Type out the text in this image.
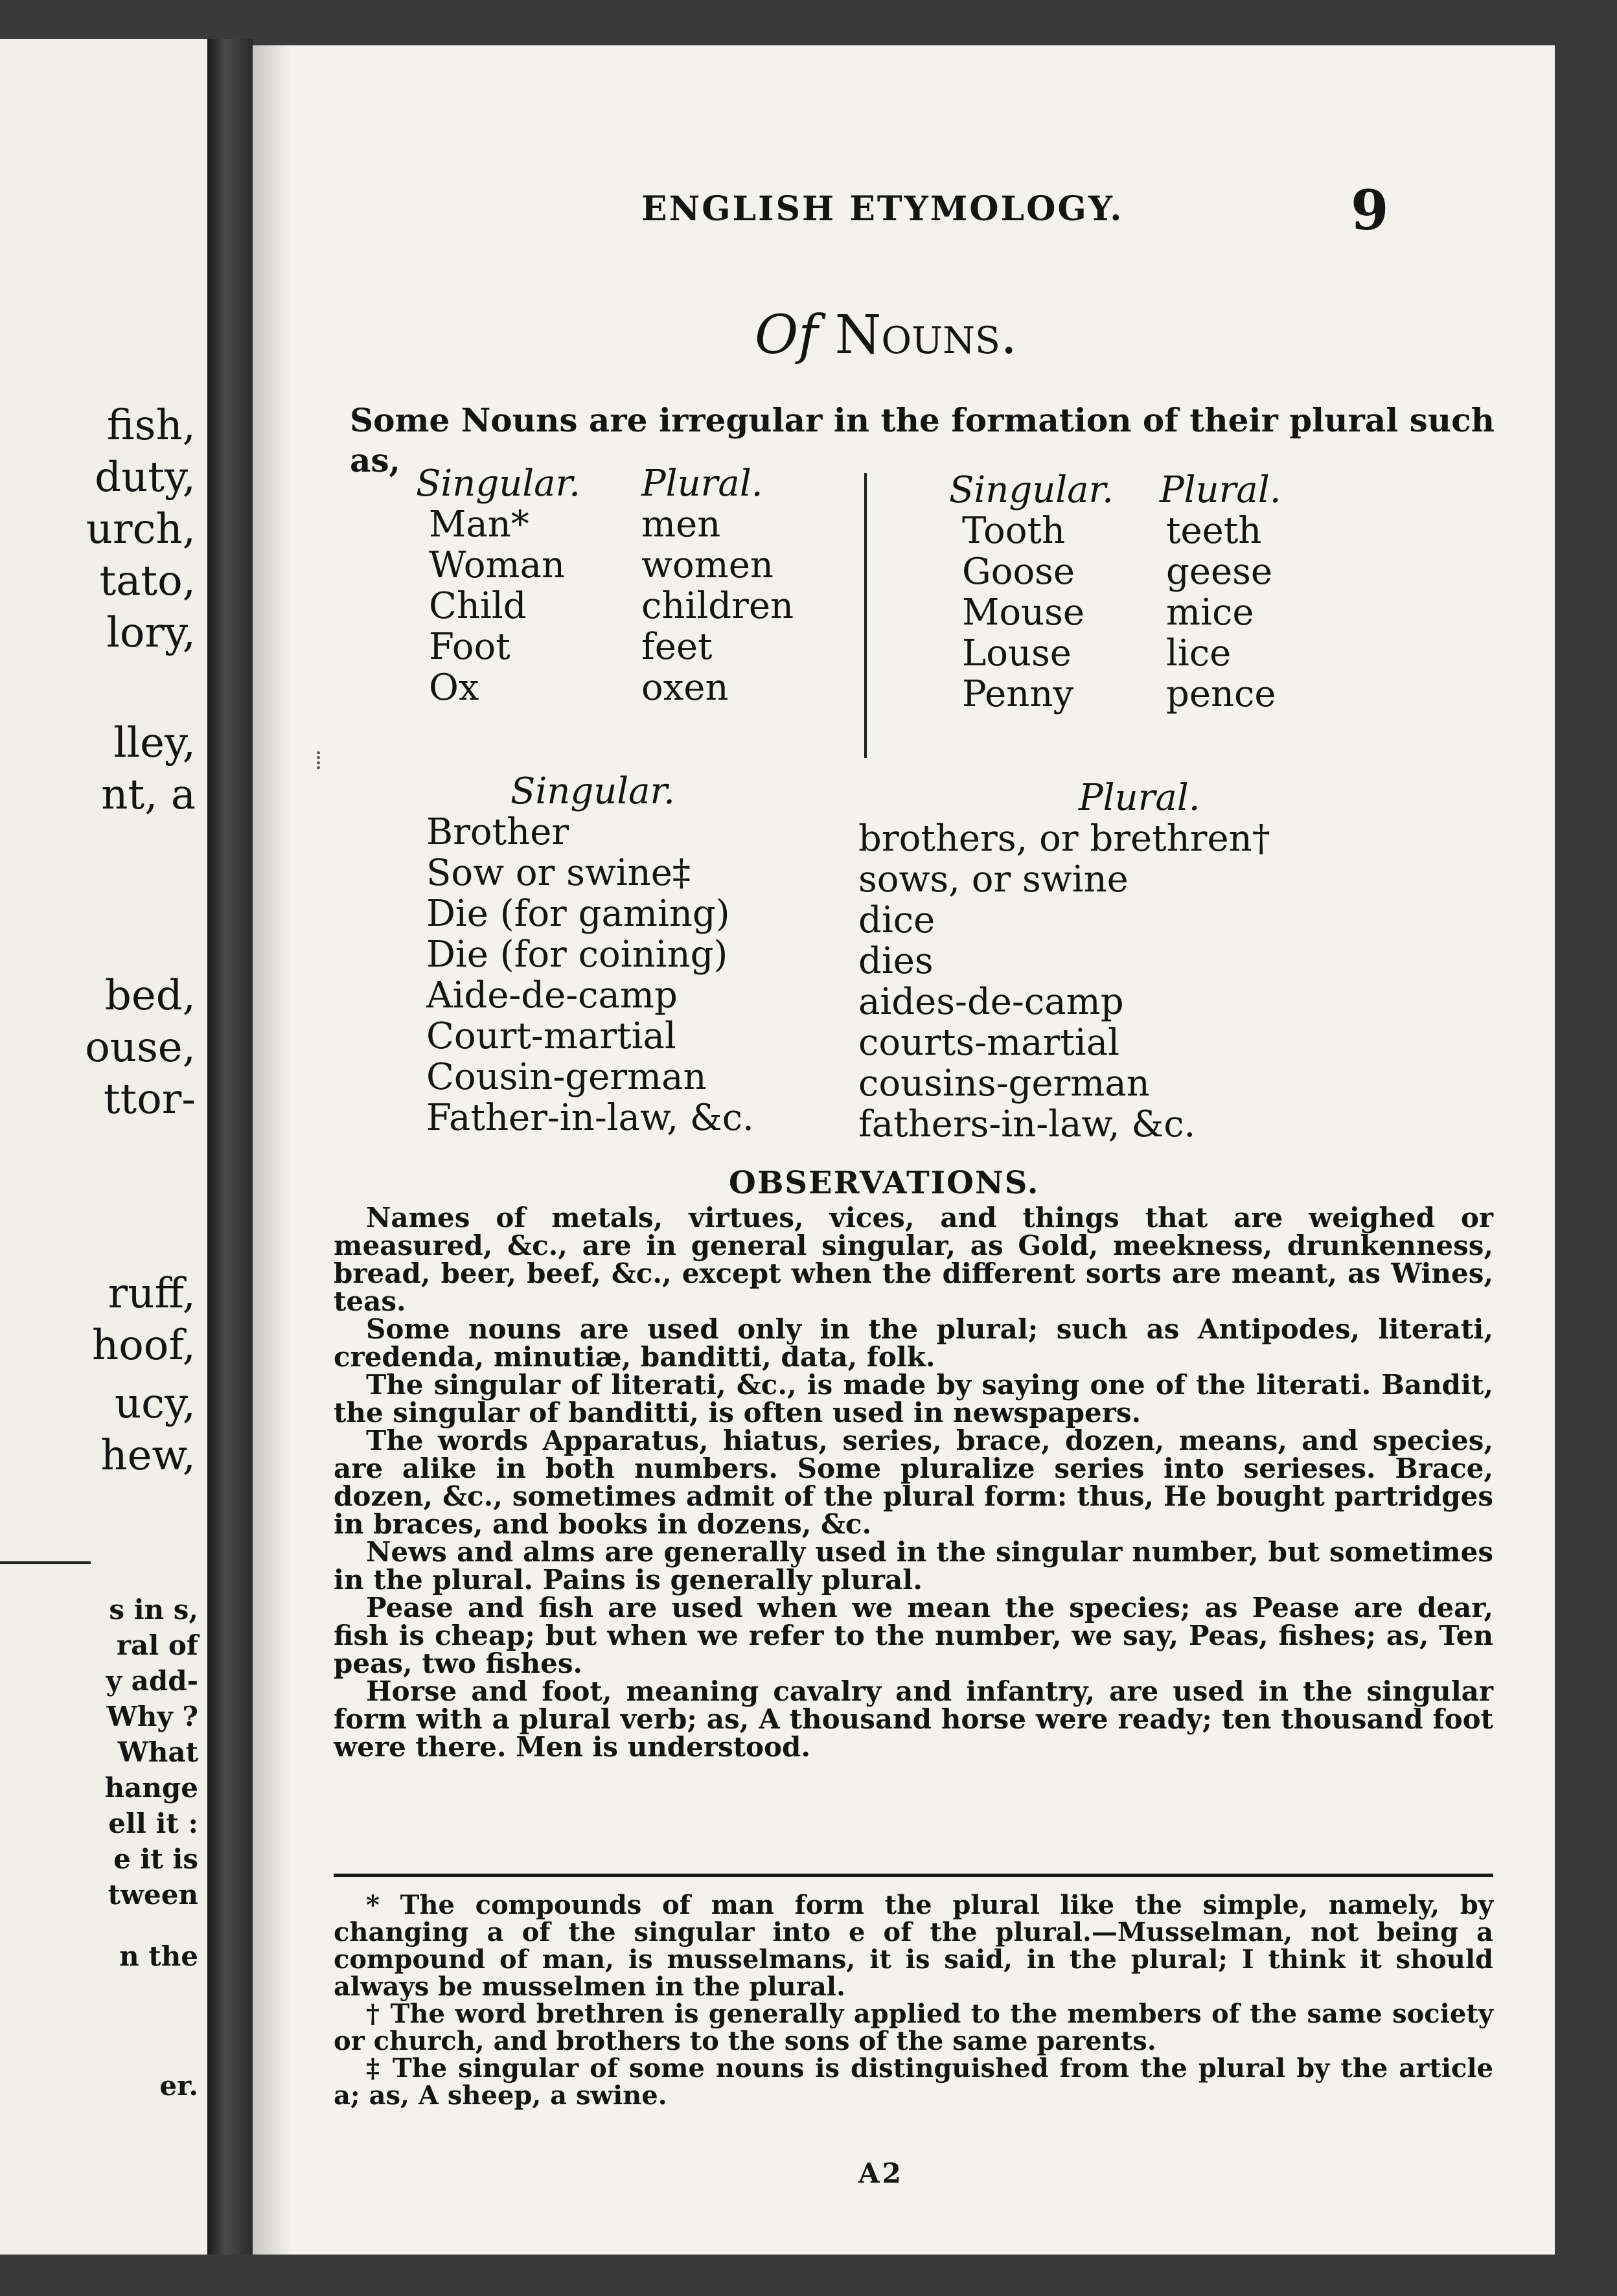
fish,
duty,
urch,
tato,
lory,
lley,
nt, a
bed,
ouse,
ttor-
ruff,
hoof,
ucy,
hew,
s in s,
ral of
y add-
Why ?
What
hange
ell it :
e it is
tween
n the
er.
ENGLISH ETYMOLOGY.	9
Of Nouns.
Some Nouns are irregular in the formation of their plural such as,
Singular.
Man*
Woman
Child
Foot
Ox
Plural.
men
women
children
feet
oxen
Singular.
Tooth
Goose
Mouse
Louse
Penny
Plural.
teeth
geese
mice
lice
pence
Singular.
Brother
Sow or swine‡
Die (for gaming)
Die (for coining)
Aide-de-camp
Court-martial
Cousin-german
Father-in-law, &c.
Plural.
brothers, or brethren†
sows, or swine
dice
dies
aides-de-camp
courts-martial
cousins-german
fathers-in-law, &c.
OBSERVATIONS.

Names of metals, virtues, vices, and things that are weighed or measured, &c., are in general singular, as Gold, meekness, drunkenness, bread, beer, beef, &c., except when the different sorts are meant, as Wines, teas.

Some nouns are used only in the plural; such as Antipodes, literati, credenda, minutiæ, banditti, data, folk.

The singular of literati, &c., is made by saying one of the literati. Bandit, the singular of banditti, is often used in newspapers.

The words Apparatus, hiatus, series, brace, dozen, means, and species, are alike in both numbers. Some pluralize series into serieses. Brace, dozen, &c., sometimes admit of the plural form: thus, He bought partridges in braces, and books in dozens, &c.

News and alms are generally used in the singular number, but sometimes in the plural. Pains is generally plural.

Pease and fish are used when we mean the species; as Pease are dear, fish is cheap; but when we refer to the number, we say, Peas, fishes; as, Ten peas, two fishes.

Horse and foot, meaning cavalry and infantry, are used in the singular form with a plural verb; as, A thousand horse were ready; ten thousand foot were there. Men is understood.

* The compounds of man form the plural like the simple, namely, by changing a of the singular into e of the plural.—Musselman, not being a compound of man, is musselmans, it is said, in the plural; I think it should always be musselmen in the plural.

† The word brethren is generally applied to the members of the same society or church, and brothers to the sons of the same parents.

‡ The singular of some nouns is distinguished from the plural by the article a; as, A sheep, a swine.

A2
⁞
